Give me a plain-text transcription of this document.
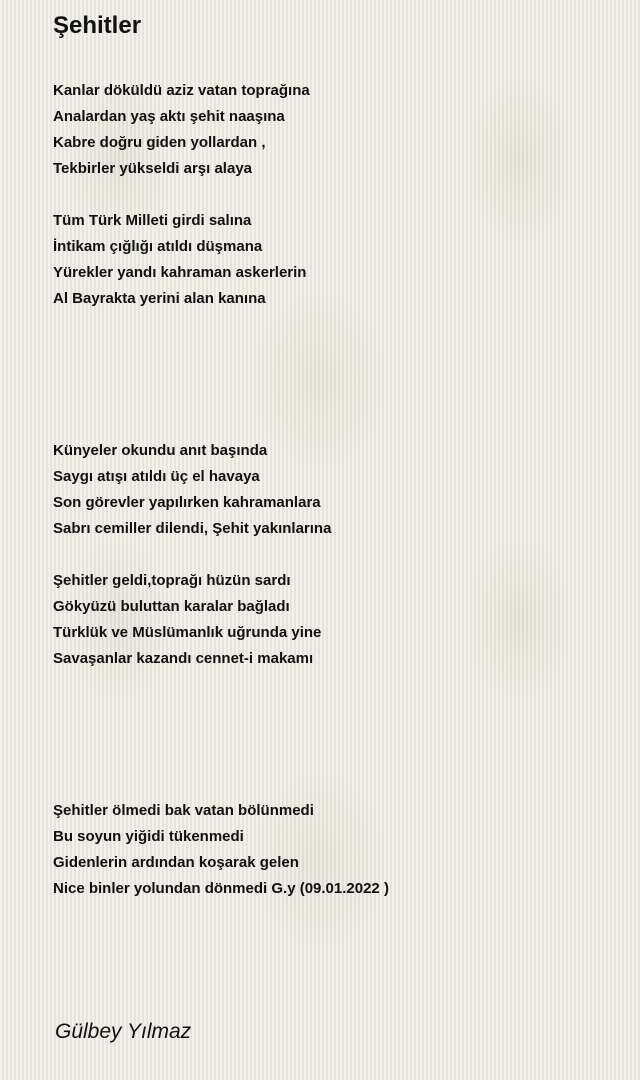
Şehitler
Kanlar döküldü aziz vatan toprağına
Analardan yaş aktı şehit naaşına
Kabre doğru giden yollardan ,
Tekbirler yükseldi arşı alaya
Tüm Türk Milleti girdi salına
İntikam çığlığı atıldı düşmana
Yürekler yandı kahraman askerlerin
Al Bayrakta yerini alan kanına
Künyeler okundu anıt başında
Saygı atışı atıldı üç el havaya
Son görevler yapılırken kahramanlara
Sabrı cemiller dilendi, Şehit yakınlarına
Şehitler geldi,toprağı hüzün sardı
Gökyüzü buluttan karalar bağladı
Türklük ve Müslümanlık uğrunda yine
Savaşanlar kazandı cennet-i makamı
Şehitler ölmedi bak vatan bölünmedi
Bu soyun yiğidi tükenmedi
Gidenlerin ardından koşarak gelen
Nice binler yolundan dönmedi G.y (09.01.2022 )
Gülbey Yılmaz
